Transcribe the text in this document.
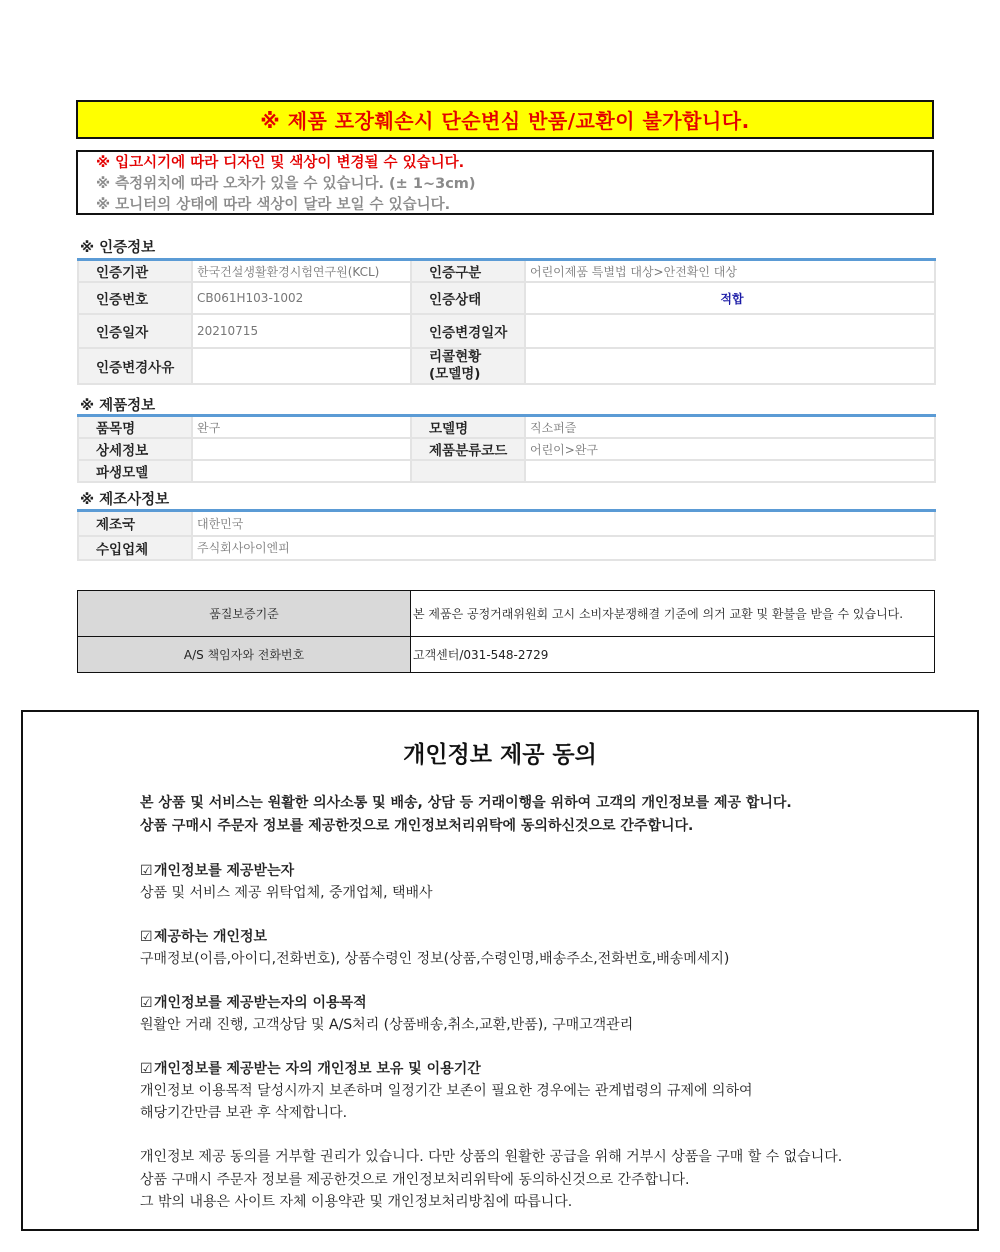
※ 제품 포장훼손시 단순변심 반품/교환이 불가합니다.
※ 입고시기에 따라 디자인 및 색상이 변경될 수 있습니다.
※ 측정위치에 따라 오차가 있을 수 있습니다. (± 1~3cm)
※ 모니터의 상태에 따라 색상이 달라 보일 수 있습니다.
※ 인증정보
인증기관	한국건설생활환경시험연구원(KCL)	인증구분	어린이제품 특별법 대상>안전확인 대상
인증번호	CB061H103-1002	인증상태	적합
인증일자	20210715	인증변경일자	
인증변경사유		리콜현황
(모델명)	

※ 제품정보
품목명	완구	모델명	직소퍼즐
상세정보		제품분류코드	어린이>완구
파생모델			
※ 제조사정보
제조국	대한민국
수입업체	주식회사아이엔피
품질보증기준	본 제품은 공정거래위원회 고시 소비자분쟁해결 기준에 의거 교환 및 환불을 받을 수 있습니다.
A/S 책임자와 전화번호	고객센터/031-548-2729
개인정보 제공 동의
본 상품 및 서비스는 원활한 의사소통 및 배송, 상담 등 거래이행을 위하여 고객의 개인정보를 제공 합니다.
상품 구매시 주문자 정보를 제공한것으로 개인정보처리위탁에 동의하신것으로 간주합니다.
☑개인정보를 제공받는자
상품 및 서비스 제공 위탁업체, 중개업체, 택배사
☑제공하는 개인정보
구매정보(이름,아이디,전화번호), 상품수령인 정보(상품,수령인명,배송주소,전화번호,배송메세지)
☑개인정보를 제공받는자의 이용목적
원활안 거래 진행, 고객상담 및 A/S처리 (상품배송,취소,교환,반품), 구매고객관리
☑개인정보를 제공받는 자의 개인정보 보유 및 이용기간
개인정보 이용목적 달성시까지 보존하며 일정기간 보존이 필요한 경우에는 관계법령의 규제에 의하여
해당기간만큼 보관 후 삭제합니다.
개인정보 제공 동의를 거부할 권리가 있습니다. 다만 상품의 원활한 공급을 위해 거부시 상품을 구매 할 수 없습니다.
상품 구매시 주문자 정보를 제공한것으로 개인정보처리위탁에 동의하신것으로 간주합니다.
그 밖의 내용은 사이트 자체 이용약관 및 개인정보처리방침에 따릅니다.
